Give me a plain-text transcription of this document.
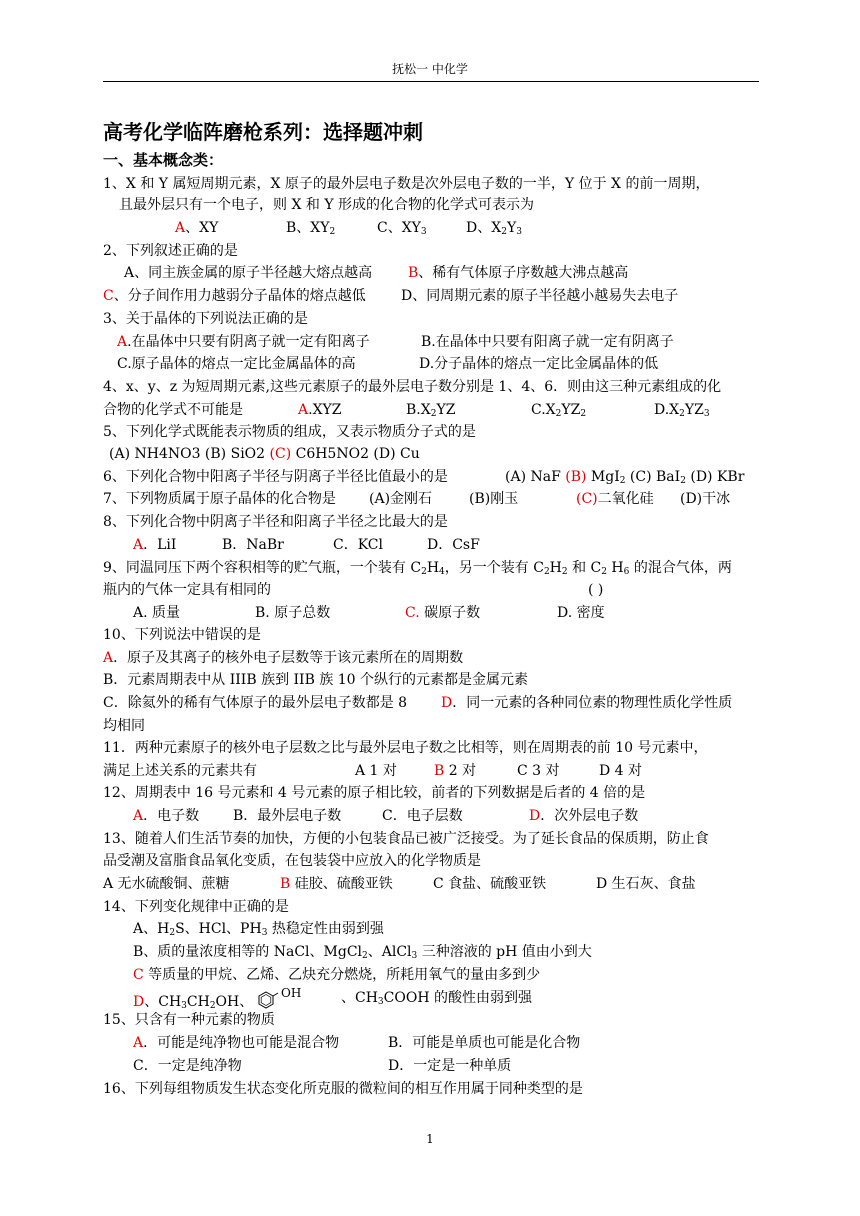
抚松一 中化学
高考化学临阵磨枪系列：选择题冲刺
一、基本概念类：
1、X 和 Y 属短周期元素，X 原子的最外层电子数是次外层电子数的一半，Y 位于 X 的前一周期，
且最外层只有一个电子，则 X 和 Y 形成的化合物的化学式可表示为
A、XY	B、$XY_2$	C、$XY_3$	D、$X_2Y_3$
2、下列叙述正确的是
A、同主族金属的原子半径越大熔点越高	B、稀有气体原子序数越大沸点越高
C、分子间作用力越弱分子晶体的熔点越低	D、同周期元素的原子半径越小越易失去电子
3、关于晶体的下列说法正确的是
A.在晶体中只要有阴离子就一定有阳离子	B.在晶体中只要有阳离子就一定有阴离子
C.原子晶体的熔点一定比金属晶体的高	D.分子晶体的熔点一定比金属晶体的低
4、x、y、z 为短周期元素,这些元素原子的最外层电子数分别是 1、4、6．则由这三种元素组成的化
合物的化学式不可能是	A.XYZ	$B.X_2YZ$	$C.X_2YZ_2$	$D.X_2YZ_3$
5、下列化学式既能表示物质的组成，又表示物质分子式的是
(A) NH4NO3 (B) SiO2 (C) C6H5NO2 (D) Cu
6、下列化合物中阳离子半径与阴离子半径比值最小的是	(A) NaF (B) MgI$_2$ (C) BaI$_2$ (D) KBr
7、下列物质属于原子晶体的化合物是 (A)金刚石	(B)刚玉	(C)二氧化硅 (D)干冰
8、下列化合物中阴离子半径和阳离子半径之比最大的是
A．LiI	B．NaBr	C．KCl	D．CsF
9、同温同压下两个容积相等的贮气瓶，一个装有 $C_2H_4$，另一个装有 $C_2H_2$ 和 $C_2$ $H_6$ 的混合气体，两
瓶内的气体一定具有相同的	( )
A. 质量	B. 原子总数	C. 碳原子数	D. 密度
10、下列说法中错误的是
A．原子及其离子的核外电子层数等于该元素所在的周期数
B．元素周期表中从 IIIB 族到 IIB 族 10 个纵行的元素都是金属元素
C．除氦外的稀有气体原子的最外层电子数都是 8 D．同一元素的各种同位素的物理性质化学性质
均相同
11．两种元素原子的核外电子层数之比与最外层电子数之比相等，则在周期表的前 10 号元素中，
满足上述关系的元素共有	A 1 对	B 2 对	C 3 对	D 4 对
12、周期表中 16 号元素和 4 号元素的原子相比较，前者的下列数据是后者的 4 倍的是
A．电子数 B．最外层电子数	C．电子层数	D．次外层电子数
13、随着人们生活节奏的加快，方便的小包装食品已被广泛接受。为了延长食品的保质期，防止食
品受潮及富脂食品氧化变质，在包装袋中应放入的化学物质是
A 无水硫酸铜、蔗糖	B 硅胶、硫酸亚铁	C 食盐、硫酸亚铁	D 生石灰、食盐
14、下列变化规律中正确的是
A、$H_2S$、HCl、$PH_3$ 热稳定性由弱到强
B、质的量浓度相等的 NaCl、MgCl$_2$、AlCl$_3$ 三种溶液的 pH 值由小到大
C 等质量的甲烷、乙烯、乙炔充分燃烧，所耗用氧气的量由多到少
D、$CH_3CH_2OH$、
OH	、$CH_3COOH$ 的酸性由弱到强
15、只含有一种元素的物质
A．可能是纯净物也可能是混合物	B．可能是单质也可能是化合物
C．一定是纯净物	D．一定是一种单质
16、下列每组物质发生状态变化所克服的微粒间的相互作用属于同种类型的是
1
